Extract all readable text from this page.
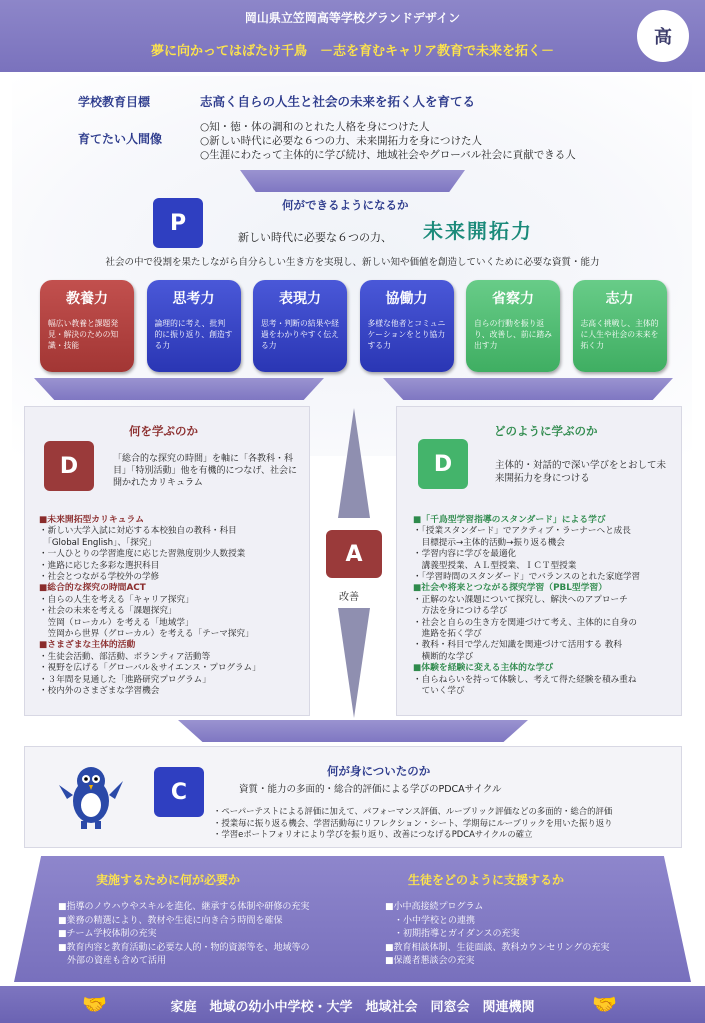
岡山県立笠岡高等学校グランドデザイン
夢に向かってはばたけ千鳥　－志を育むキャリア教育で未来を拓く－
高
学校教育目標	志高く自らの人生と社会の未来を拓く人を育てる
育てたい人間像
○知・徳・体の調和のとれた人格を身につけた人
○新しい時代に必要な６つの力、未来開拓力を身につけた人
○生涯にわたって主体的に学び続け、地域社会やグローバル社会に貢献できる人
P
何ができるようになるか
新しい時代に必要な６つの力、 未来開拓力
社会の中で役割を果たしながら自分らしい生き方を実現し、新しい知や価値を創造していくために必要な資質・能力
教養力
幅広い教養と課題発見・解決のための知識・技能
思考力
論理的に考え、批判的に振り返り、創造する力
表現力
思考・判断の結果や経過をわかりやすく伝える力
協働力
多様な他者とコミュニケーションをとり協力する力
省察力
自らの行動を振り返り、改善し、前に踏み出す力
志力
志高く挑戦し、主体的に人生や社会の未来を拓く力
何を学ぶのか
D	「総合的な探究の時間」を軸に「各教科・科目」「特別活動」他を有機的につなげ、社会に開かれたカリキュラム
■未来開拓型カリキュラム
・新しい大学入試に対応する本校独自の教科・科目
　「Global English」、「探究」
・一人ひとりの学習進度に応じた習熟度別少人数授業
・進路に応じた多彩な選択科目
・社会とつながる学校外の学修
■総合的な探究の時間ACT
・自らの人生を考える「キャリア探究」
・社会の未来を考える「課題探究」
　笠岡（ローカル）を考える「地域学」
　笠岡から世界（グローカル）を考える「テーマ探究」
■さまざまな主体的活動
・生徒会活動、部活動、ボランティア活動等
・視野を広げる「グローバル＆サイエンス・プログラム」
・３年間を見通した「進路研究プログラム」
・校内外のさまざまな学習機会
どのように学ぶのか
D	主体的・対話的で深い学びをとおして未来開拓力を身につける
■「千鳥型学習指導のスタンダード」による学び
・「授業スタンダード」でアクティブ・ラーナーへと成長
　目標提示→主体的活動→振り返る機会
・学習内容に学びを最適化
　講義型授業、ＡＬ型授業、ＩＣＴ型授業
・「学習時間のスタンダード」でバランスのとれた家庭学習
■社会や将来とつながる探究学習（PBL型学習）
・正解のない課題について探究し、解決へのアプローチ
　方法を身につける学び
・社会と自らの生き方を関連づけて考え、主体的に自身の
　進路を拓く学び
・教科・科目で学んだ知識を関連づけて活用する 教科
　横断的な学び
■体験を経験に変える主体的な学び
・自らねらいを持って体験し、考えて得た経験を積み重ね
　ていく学び
A
改善
C
何が身についたのか
資質・能力の多面的・総合的評価による学びのPDCAサイクル
・ペーパーテストによる評価に加えて、パフォーマンス評価、ルーブリック評価などの多面的・総合的評価
・授業毎に振り返る機会、学習活動毎にリフレクション・シート、学期毎にルーブリックを用いた振り返り
・学習eポートフォリオにより学びを振り返り、改善につなげるPDCAサイクルの確立
実施するために何が必要か
■指導のノウハウやスキルを進化、継承する体制や研修の充実
■業務の精選により、教材や生徒に向き合う時間を確保
■チーム学校体制の充実
■教育内容と教育活動に必要な人的・物的資源等を、地域等の
　外部の資産も含めて活用
生徒をどのように支援するか
■小中高接続プログラム
　・小中学校との連携
　・初期指導とガイダンスの充実
■教育相談体制、生徒面談、教科カウンセリングの充実
■保護者懇談会の充実
🤝	家庭　地域の幼小中学校・大学　地域社会　同窓会　関連機関	🤝
